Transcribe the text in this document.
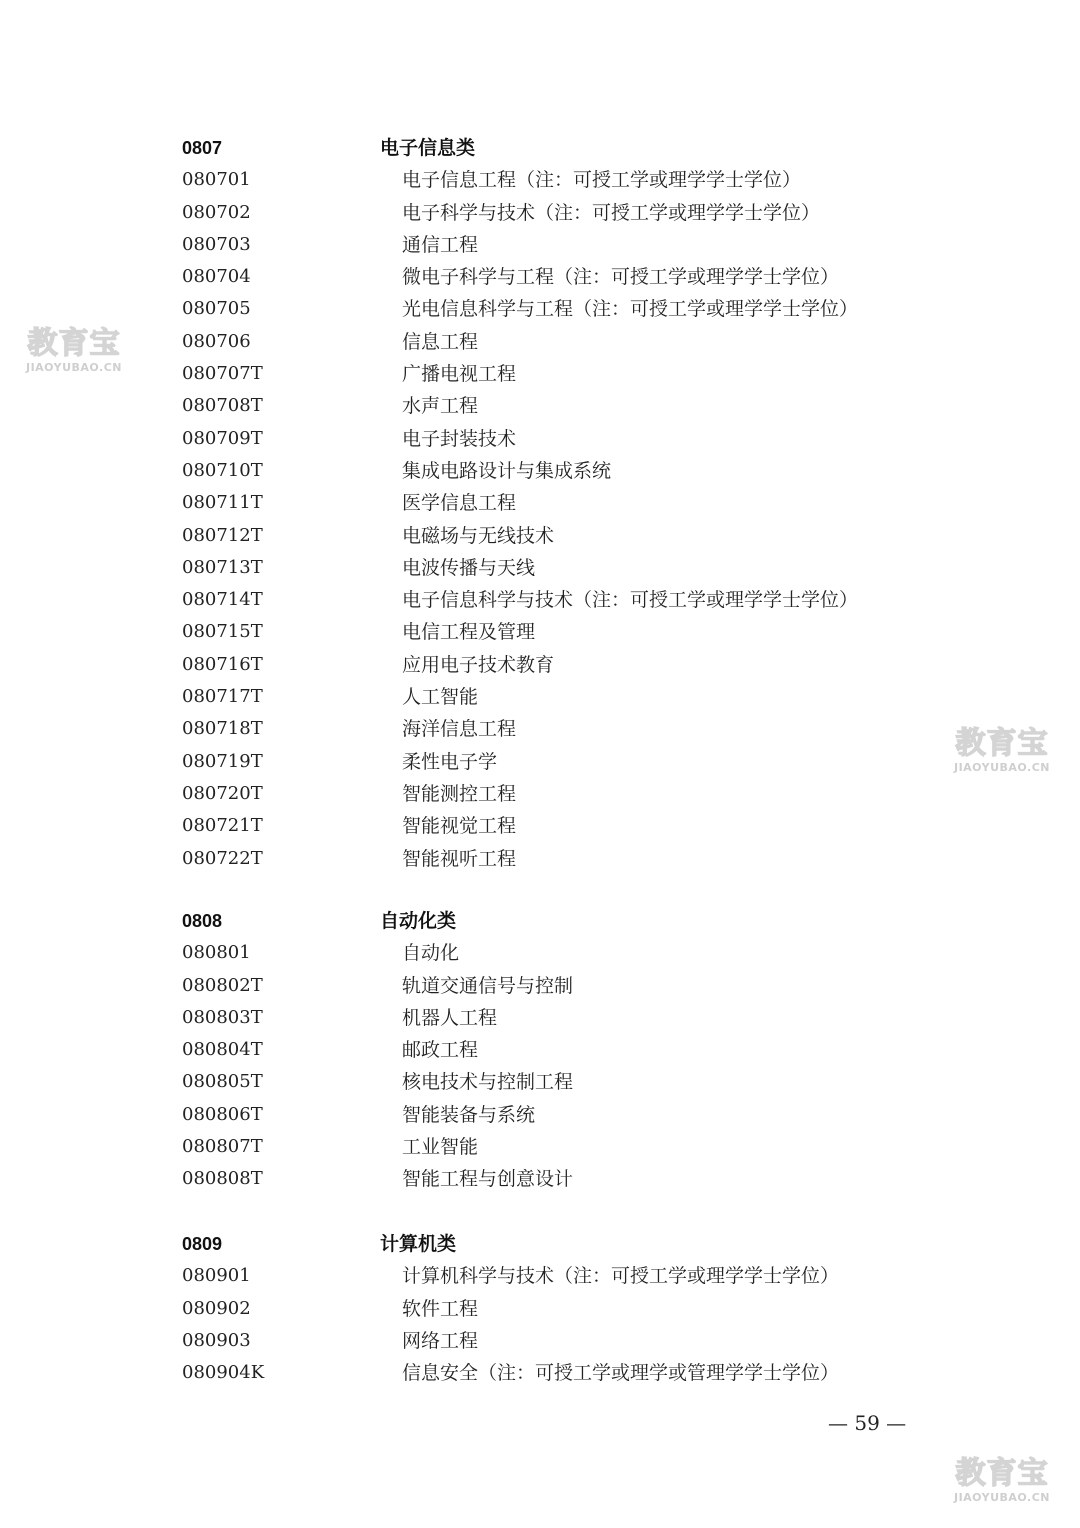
0807	电子信息类
080701	电子信息工程（注：可授工学或理学学士学位）
080702	电子科学与技术（注：可授工学或理学学士学位）
080703	通信工程
080704	微电子科学与工程（注：可授工学或理学学士学位）
080705	光电信息科学与工程（注：可授工学或理学学士学位）
080706	信息工程
080707T	广播电视工程
080708T	水声工程
080709T	电子封装技术
080710T	集成电路设计与集成系统
080711T	医学信息工程
080712T	电磁场与无线技术
080713T	电波传播与天线
080714T	电子信息科学与技术（注：可授工学或理学学士学位）
080715T	电信工程及管理
080716T	应用电子技术教育
080717T	人工智能
080718T	海洋信息工程
080719T	柔性电子学
080720T	智能测控工程
080721T	智能视觉工程
080722T	智能视听工程
0808	自动化类
080801	自动化
080802T	轨道交通信号与控制
080803T	机器人工程
080804T	邮政工程
080805T	核电技术与控制工程
080806T	智能装备与系统
080807T	工业智能
080808T	智能工程与创意设计
0809	计算机类
080901	计算机科学与技术（注：可授工学或理学学士学位）
080902	软件工程
080903	网络工程
080904K	信息安全（注：可授工学或理学或管理学学士学位）
— 59 —
教育宝
JIAOYUBAO.CN
教育宝
JIAOYUBAO.CN
教育宝
JIAOYUBAO.CN
